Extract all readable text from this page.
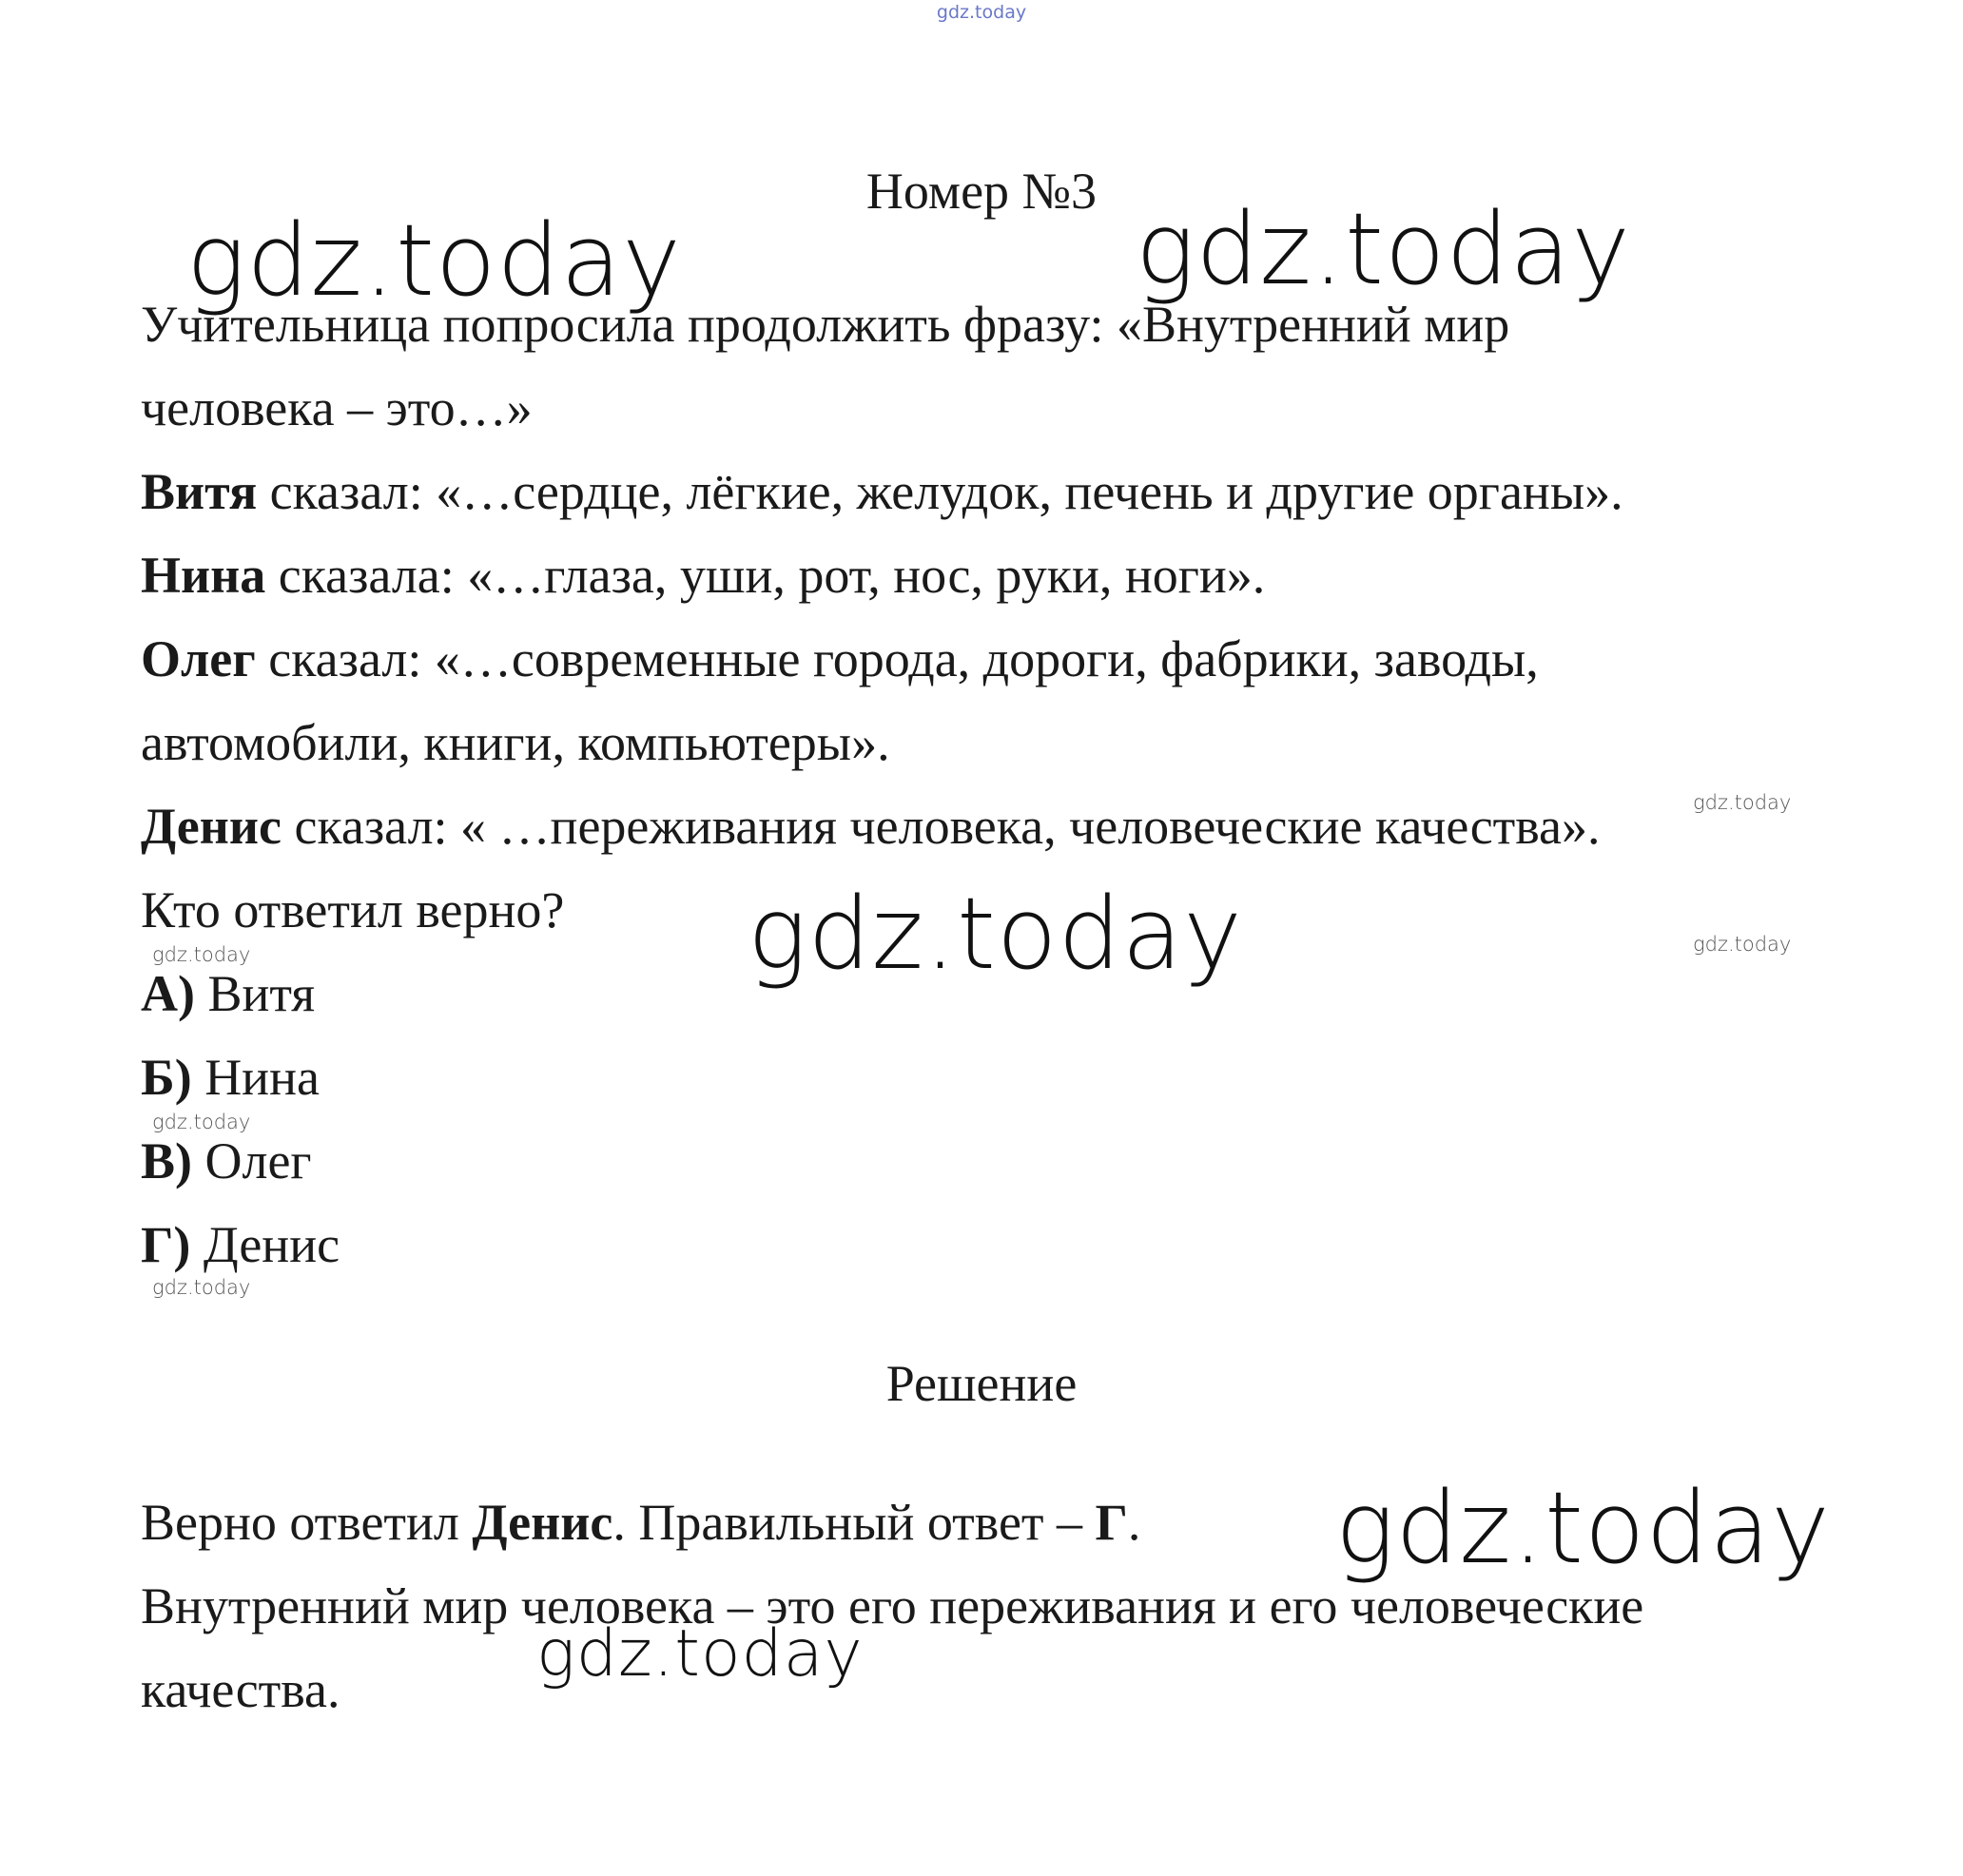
gdz.today
Номер №3
Учительница попросила продолжить фразу: «Внутренний мир
человека – это…»
Витя сказал: «…сердце, лёгкие, желудок, печень и другие органы».
Нина сказала: «…глаза, уши, рот, нос, руки, ноги».
Олег сказал: «…современные города, дороги, фабрики, заводы,
автомобили, книги, компьютеры».
Денис сказал: « …переживания человека, человеческие качества».
Кто ответил верно?
А) Витя
Б) Нина
В) Олег
Г) Денис
Решение
Верно ответил Денис. Правильный ответ – Г.
Внутренний мир человека – это его переживания и его человеческие
качества.
gdz.today	gdz.today
gdz.today
gdz.today
gdz.today
gdz.today
gdz.today
gdz.today
gdz.today
gdz.today
